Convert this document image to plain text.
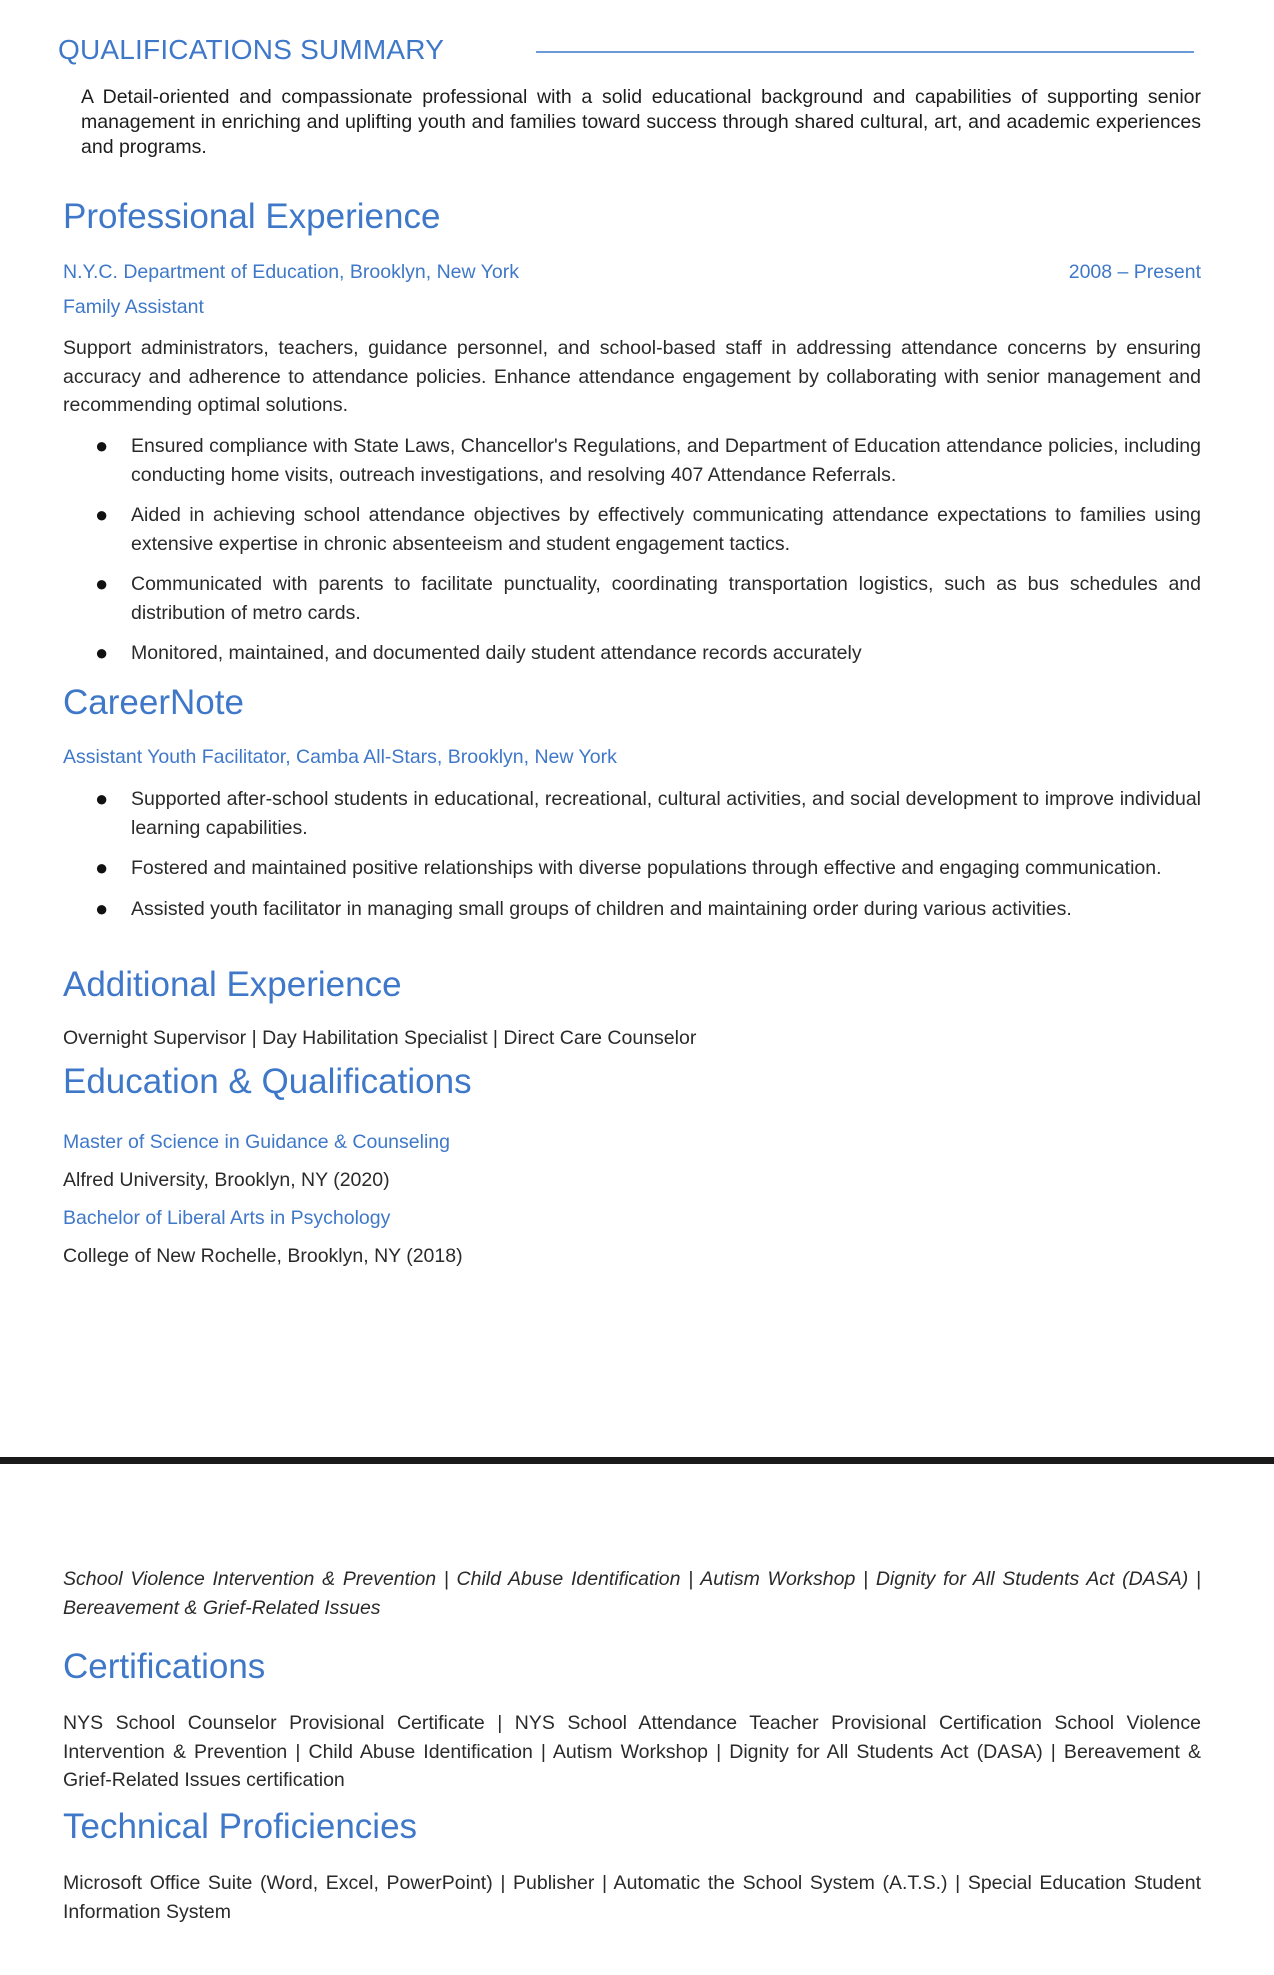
QUALIFICATIONS SUMMARY
A Detail-oriented and compassionate professional with a solid educational background and capabilities of supporting senior management in enriching and uplifting youth and families toward success through shared cultural, art, and academic experiences and programs.
Professional Experience
N.Y.C. Department of Education, Brooklyn, New York	2008 – Present
Family Assistant
Support administrators, teachers, guidance personnel, and school-based staff in addressing attendance concerns by ensuring accuracy and adherence to attendance policies. Enhance attendance engagement by collaborating with senior management and recommending optimal solutions.
● Ensured compliance with State Laws, Chancellor's Regulations, and Department of Education attendance policies, including conducting home visits, outreach investigations, and resolving 407 Attendance Referrals.
● Aided in achieving school attendance objectives by effectively communicating attendance expectations to families using extensive expertise in chronic absenteeism and student engagement tactics.
● Communicated with parents to facilitate punctuality, coordinating transportation logistics, such as bus schedules and distribution of metro cards.
● Monitored, maintained, and documented daily student attendance records accurately
CareerNote
Assistant Youth Facilitator, Camba All-Stars, Brooklyn, New York
● Supported after-school students in educational, recreational, cultural activities, and social development to improve individual learning capabilities.
● Fostered and maintained positive relationships with diverse populations through effective and engaging communication.
● Assisted youth facilitator in managing small groups of children and maintaining order during various activities.
Additional Experience
Overnight Supervisor | Day Habilitation Specialist | Direct Care Counselor
Education & Qualifications
Master of Science in Guidance & Counseling
Alfred University, Brooklyn, NY (2020)
Bachelor of Liberal Arts in Psychology
College of New Rochelle, Brooklyn, NY (2018)
School Violence Intervention & Prevention | Child Abuse Identification | Autism Workshop | Dignity for All Students Act (DASA) | Bereavement & Grief-Related Issues
Certifications
NYS School Counselor Provisional Certificate | NYS School Attendance Teacher Provisional Certification School Violence Intervention & Prevention | Child Abuse Identification | Autism Workshop | Dignity for All Students Act (DASA) | Bereavement & Grief-Related Issues certification
Technical Proficiencies
Microsoft Office Suite (Word, Excel, PowerPoint) | Publisher | Automatic the School System (A.T.S.) | Special Education Student Information System
